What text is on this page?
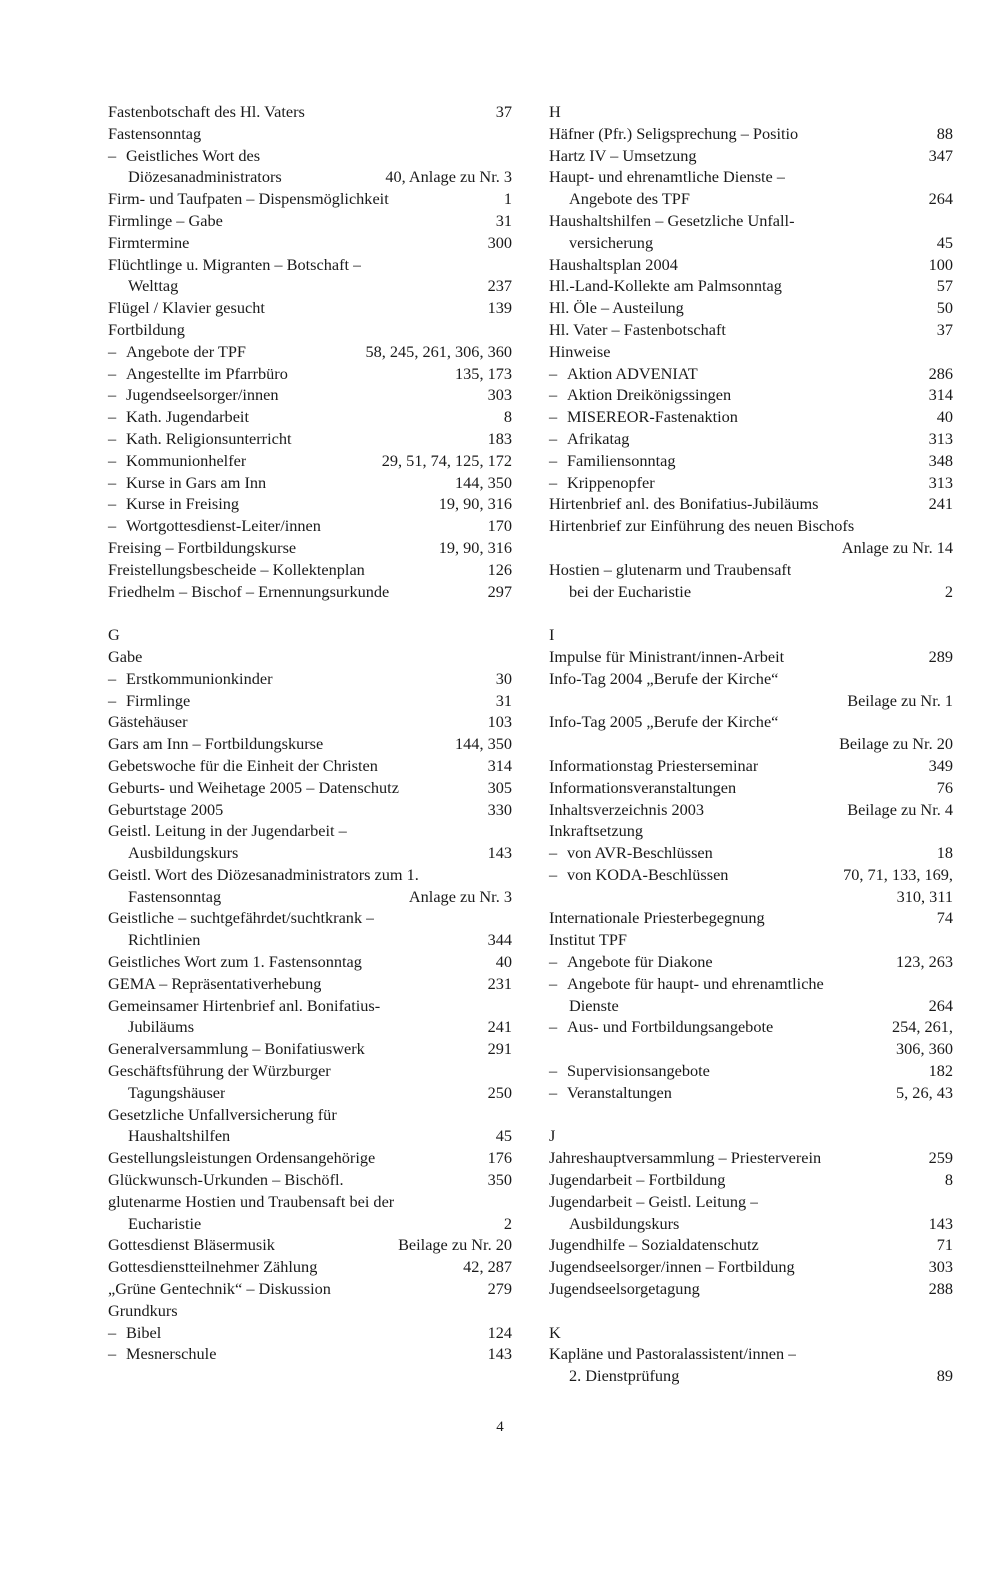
Fastenbotschaft des Hl. Vaters	37
Fastensonntag
– Geistliches Wort des
Diözesanadministrators	40, Anlage zu Nr. 3
Firm- und Taufpaten – Dispensmöglichkeit	1
Firmlinge – Gabe	31
Firmtermine	300
Flüchtlinge u. Migranten – Botschaft –
Welttag	237
Flügel / Klavier gesucht	139
Fortbildung
– Angebote der TPF	58, 245, 261, 306, 360
– Angestellte im Pfarrbüro	135, 173
– Jugendseelsorger/innen	303
– Kath. Jugendarbeit	8
– Kath. Religionsunterricht	183
– Kommunionhelfer	29, 51, 74, 125, 172
– Kurse in Gars am Inn	144, 350
– Kurse in Freising	19, 90, 316
– Wortgottesdienst-Leiter/innen	170
Freising – Fortbildungskurse	19, 90, 316
Freistellungsbescheide – Kollektenplan	126
Friedhelm – Bischof – Ernennungsurkunde	297
G
Gabe
– Erstkommunionkinder	30
– Firmlinge	31
Gästehäuser	103
Gars am Inn – Fortbildungskurse	144, 350
Gebetswoche für die Einheit der Christen	314
Geburts- und Weihetage 2005 – Datenschutz	305
Geburtstage 2005	330
Geistl. Leitung in der Jugendarbeit –
Ausbildungskurs	143
Geistl. Wort des Diözesanadministrators zum 1.
Fastensonntag	Anlage zu Nr. 3
Geistliche – suchtgefährdet/suchtkrank –
Richtlinien	344
Geistliches Wort zum 1. Fastensonntag	40
GEMA – Repräsentativerhebung	231
Gemeinsamer Hirtenbrief anl. Bonifatius-
Jubiläums	241
Generalversammlung – Bonifatiuswerk	291
Geschäftsführung der Würzburger
Tagungshäuser	250
Gesetzliche Unfallversicherung für
Haushaltshilfen	45
Gestellungsleistungen Ordensangehörige	176
Glückwunsch-Urkunden – Bischöfl.	350
glutenarme Hostien und Traubensaft bei der
Eucharistie	2
Gottesdienst Bläsermusik	Beilage zu Nr. 20
Gottesdienstteilnehmer Zählung	42, 287
„Grüne Gentechnik“ – Diskussion	279
Grundkurs
– Bibel	124
– Mesnerschule	143
H
Häfner (Pfr.) Seligsprechung – Positio	88
Hartz IV – Umsetzung	347
Haupt- und ehrenamtliche Dienste –
Angebote des TPF	264
Haushaltshilfen – Gesetzliche Unfall-
versicherung	45
Haushaltsplan 2004	100
Hl.-Land-Kollekte am Palmsonntag	57
Hl. Öle – Austeilung	50
Hl. Vater – Fastenbotschaft	37
Hinweise
– Aktion ADVENIAT	286
– Aktion Dreikönigssingen	314
– MISEREOR-Fastenaktion	40
– Afrikatag	313
– Familiensonntag	348
– Krippenopfer	313
Hirtenbrief anl. des Bonifatius-Jubiläums	241
Hirtenbrief zur Einführung des neuen Bischofs
Anlage zu Nr. 14
Hostien – glutenarm und Traubensaft
bei der Eucharistie	2
I
Impulse für Ministrant/innen-Arbeit	289
Info-Tag 2004 „Berufe der Kirche“
Beilage zu Nr. 1
Info-Tag 2005 „Berufe der Kirche“
Beilage zu Nr. 20
Informationstag Priesterseminar	349
Informationsveranstaltungen	76
Inhaltsverzeichnis 2003	Beilage zu Nr. 4
Inkraftsetzung
– von AVR-Beschlüssen	18
– von KODA-Beschlüssen	70, 71, 133, 169,
310, 311
Internationale Priesterbegegnung	74
Institut TPF
– Angebote für Diakone	123, 263
– Angebote für haupt- und ehrenamtliche
Dienste	264
– Aus- und Fortbildungsangebote	254, 261,
306, 360
– Supervisionsangebote	182
– Veranstaltungen	5, 26, 43
J
Jahreshauptversammlung – Priesterverein	259
Jugendarbeit – Fortbildung	8
Jugendarbeit – Geistl. Leitung –
Ausbildungskurs	143
Jugendhilfe – Sozialdatenschutz	71
Jugendseelsorger/innen – Fortbildung	303
Jugendseelsorgetagung	288
K
Kapläne und Pastoralassistent/innen –
2. Dienstprüfung	89
4
